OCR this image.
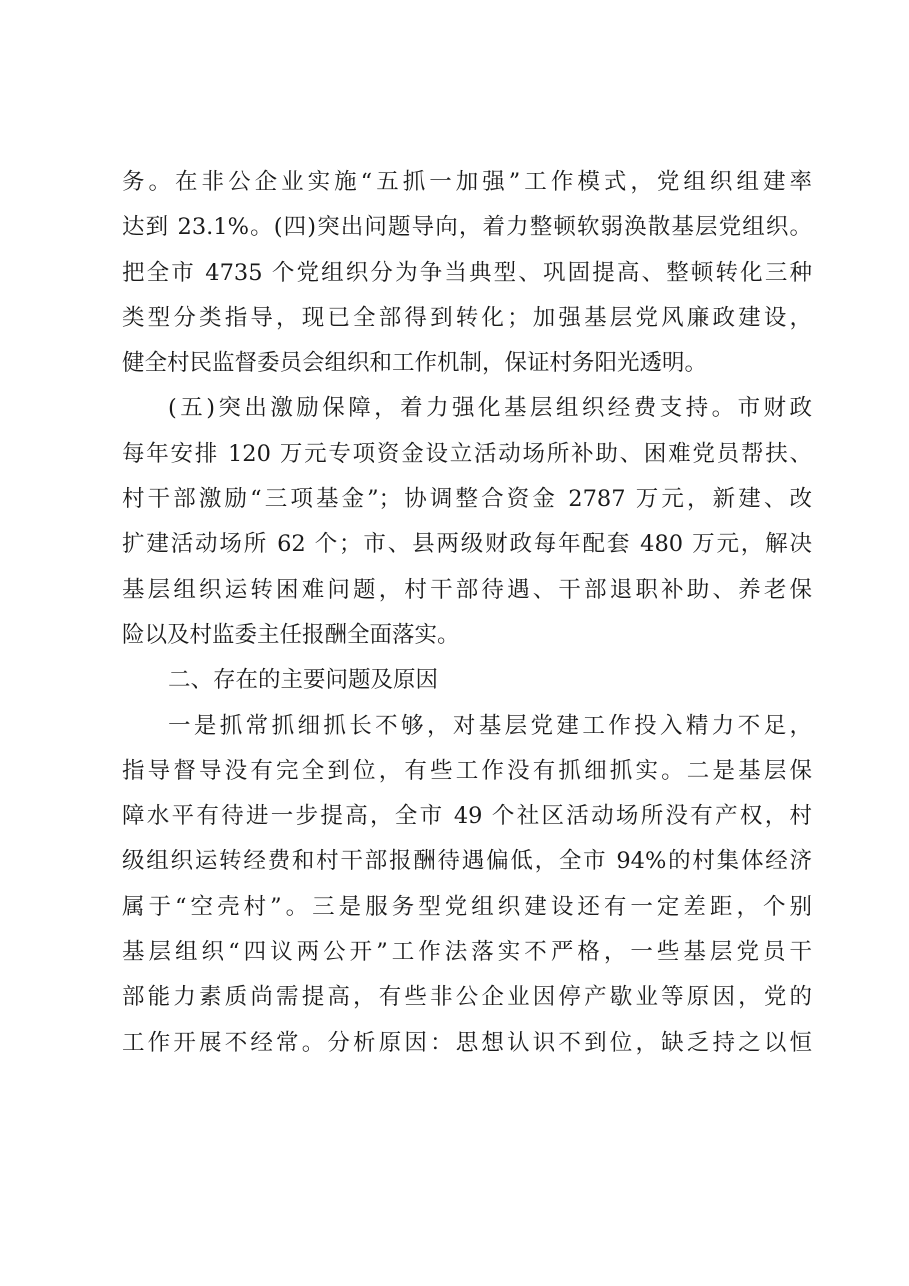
务。在非公企业实施“五抓一加强”工作模式，党组织组建率
达到 23.1%。(四)突出问题导向，着力整顿软弱涣散基层党组织。
把全市 4735 个党组织分为争当典型、巩固提高、整顿转化三种
类型分类指导，现已全部得到转化；加强基层党风廉政建设，
健全村民监督委员会组织和工作机制，保证村务阳光透明。
(五)突出激励保障，着力强化基层组织经费支持。市财政
每年安排 120 万元专项资金设立活动场所补助、困难党员帮扶、
村干部激励“三项基金”；协调整合资金 2787 万元，新建、改
扩建活动场所 62 个；市、县两级财政每年配套 480 万元，解决
基层组织运转困难问题，村干部待遇、干部退职补助、养老保
险以及村监委主任报酬全面落实。
二、存在的主要问题及原因
一是抓常抓细抓长不够，对基层党建工作投入精力不足，
指导督导没有完全到位，有些工作没有抓细抓实。二是基层保
障水平有待进一步提高，全市 49 个社区活动场所没有产权，村
级组织运转经费和村干部报酬待遇偏低，全市 94%的村集体经济
属于“空壳村”。三是服务型党组织建设还有一定差距，个别
基层组织“四议两公开”工作法落实不严格，一些基层党员干
部能力素质尚需提高，有些非公企业因停产歇业等原因，党的
工作开展不经常。分析原因：思想认识不到位，缺乏持之以恒
